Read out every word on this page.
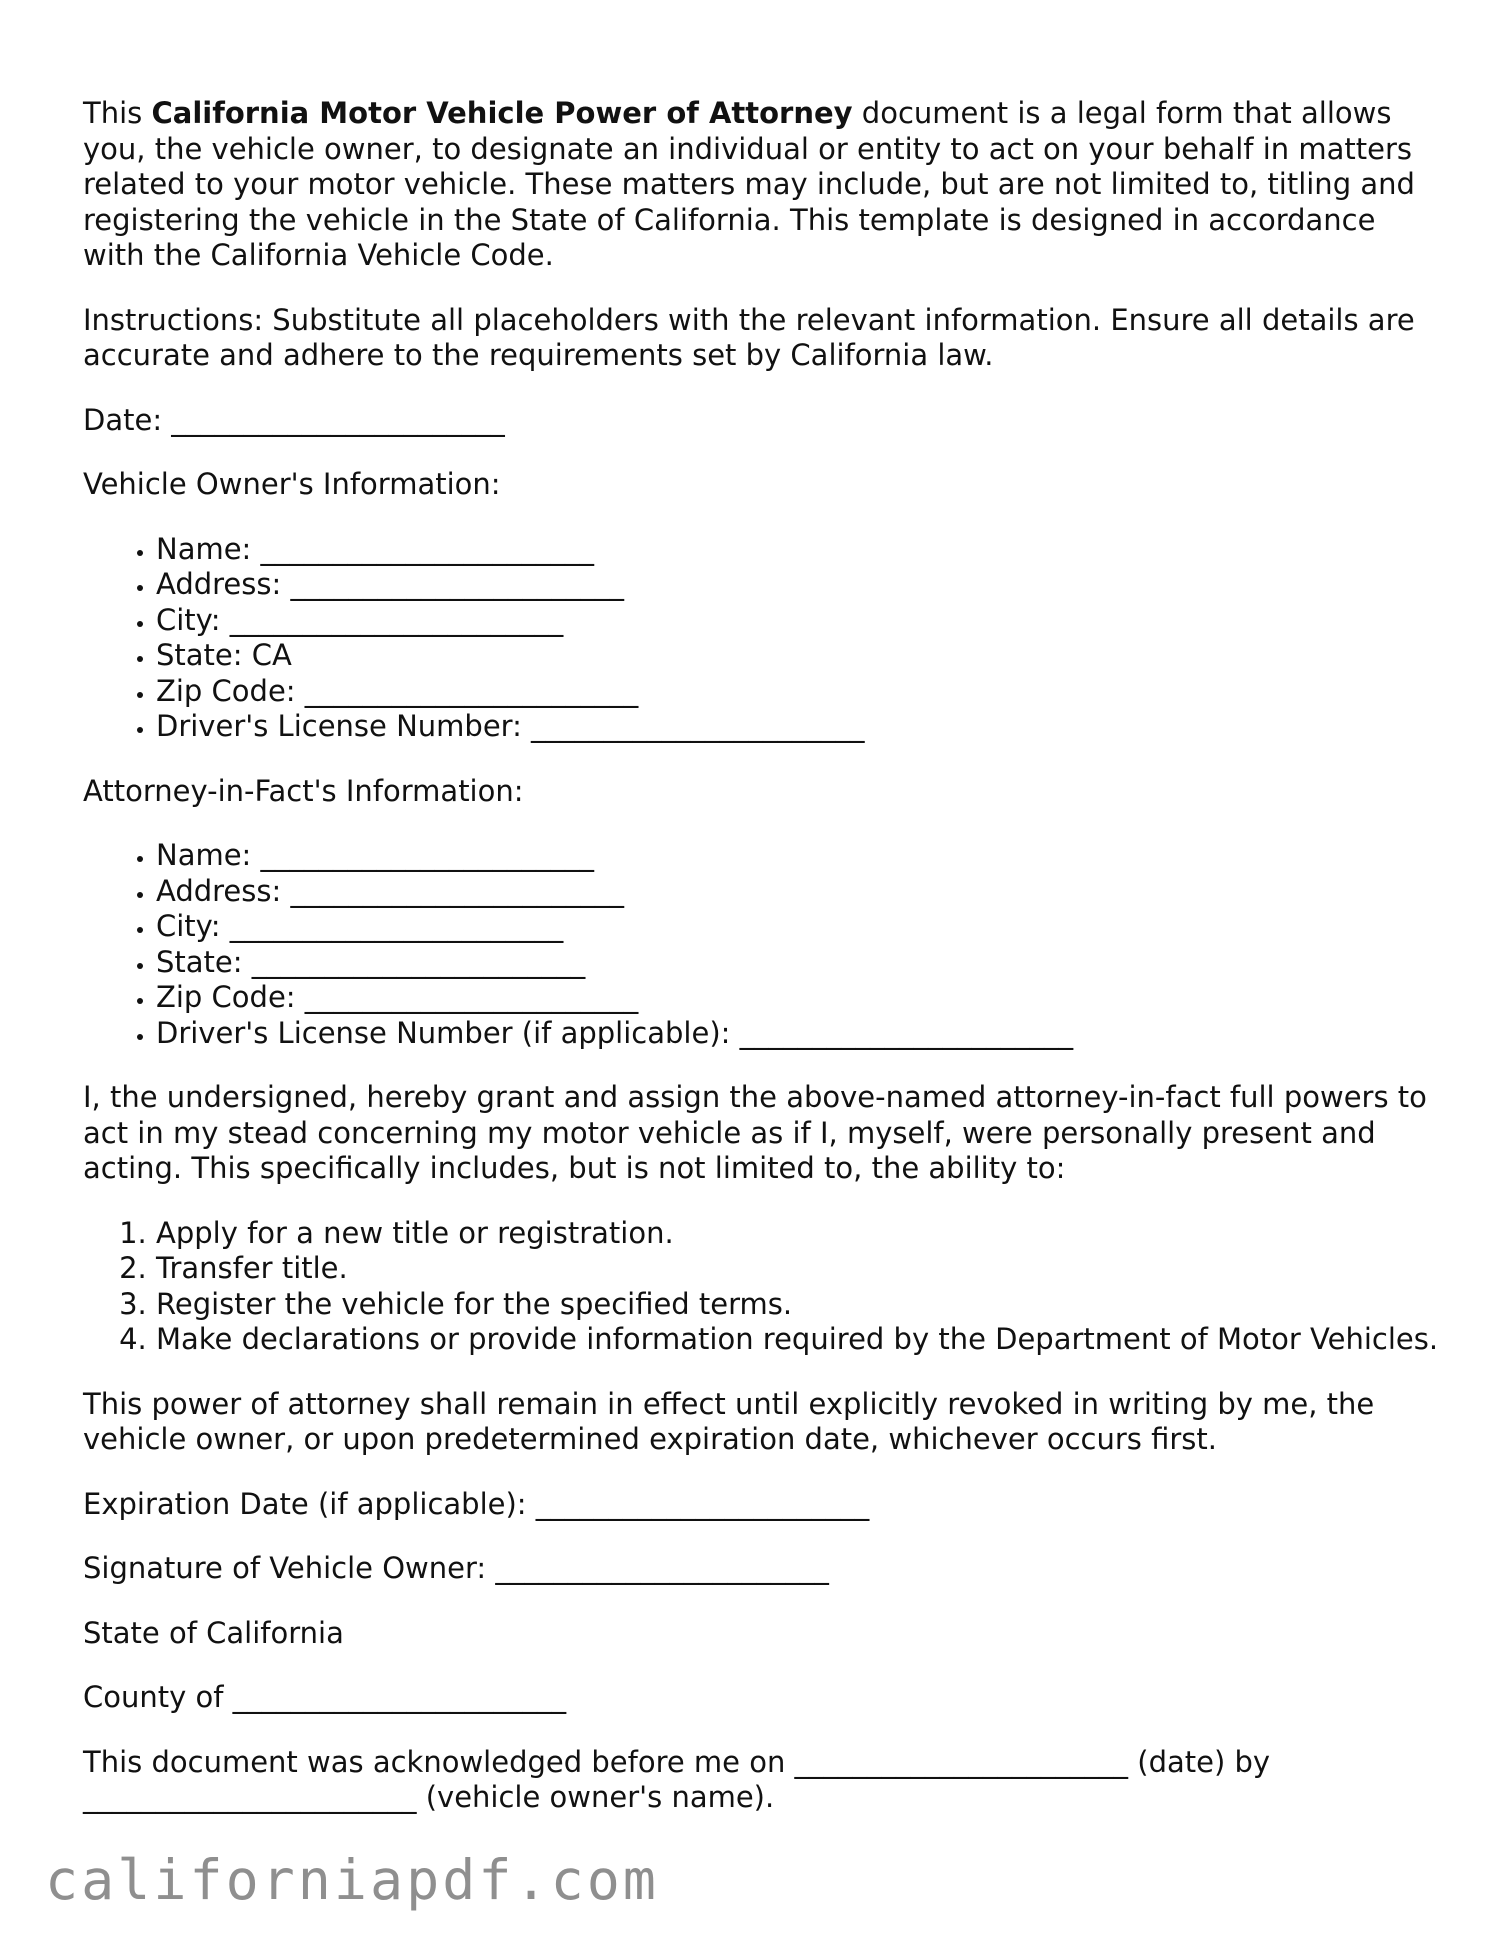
This California Motor Vehicle Power of Attorney document is a legal form that allows you, the vehicle owner, to designate an individual or entity to act on your behalf in matters related to your motor vehicle. These matters may include, but are not limited to, titling and registering the vehicle in the State of California. This template is designed in accordance with the California Vehicle Code.

Instructions: Substitute all placeholders with the relevant information. Ensure all details are accurate and adhere to the requirements set by California law.

Date: _______________________

Vehicle Owner's Information:

• Name: _______________________
• Address: _______________________
• City: _______________________
• State: CA
• Zip Code: _______________________
• Driver's License Number: _______________________

Attorney-in-Fact's Information:

• Name: _______________________
• Address: _______________________
• City: _______________________
• State: _______________________
• Zip Code: _______________________
• Driver's License Number (if applicable): _______________________

I, the undersigned, hereby grant and assign the above-named attorney-in-fact full powers to act in my stead concerning my motor vehicle as if I, myself, were personally present and acting. This specifically includes, but is not limited to, the ability to:

1. Apply for a new title or registration.
2. Transfer title.
3. Register the vehicle for the specified terms.
4. Make declarations or provide information required by the Department of Motor Vehicles.

This power of attorney shall remain in effect until explicitly revoked in writing by me, the vehicle owner, or upon predetermined expiration date, whichever occurs first.

Expiration Date (if applicable): _______________________

Signature of Vehicle Owner: _______________________

State of California

County of _______________________

This document was acknowledged before me on _______________________ (date) by _______________________ (vehicle owner's name).

californiapdf.com
